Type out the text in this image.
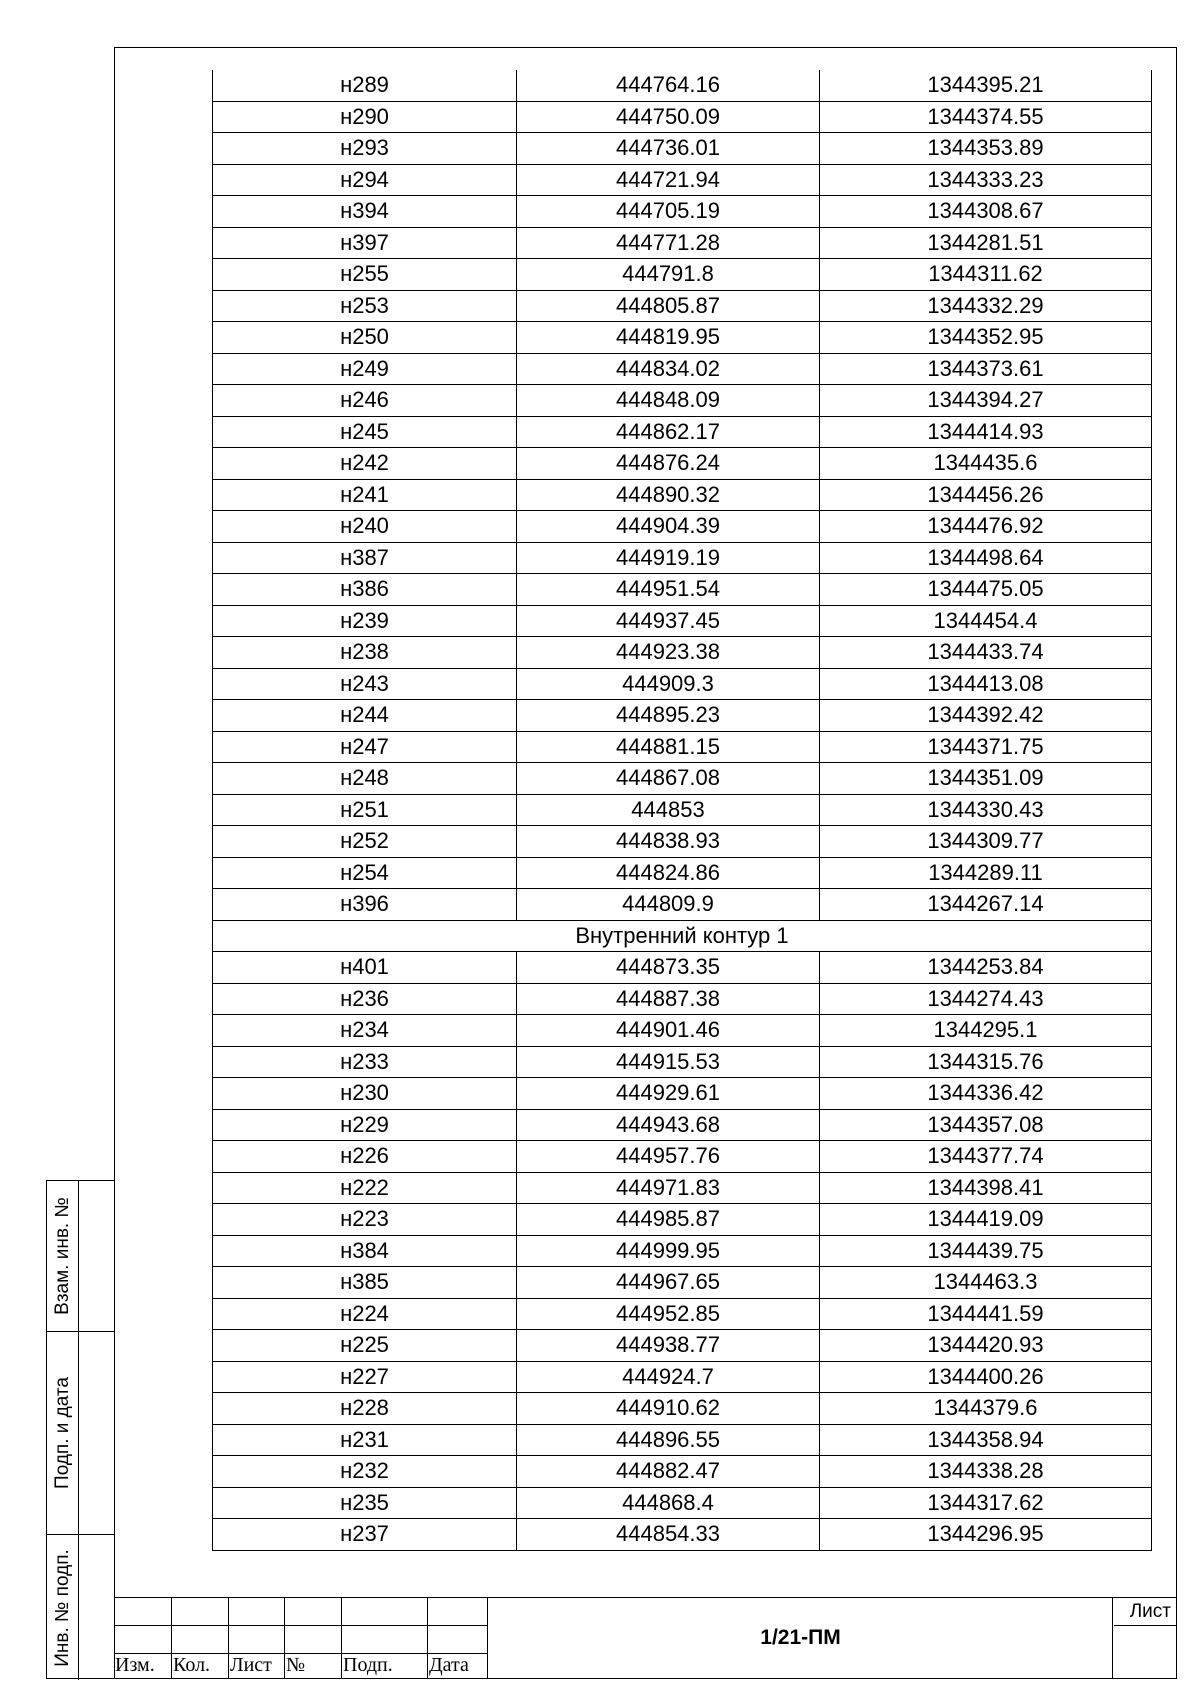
Взам. инв. №
Подп. и дата
Инв. № подп.
н289	444764.16	1344395.21
н290	444750.09	1344374.55
н293	444736.01	1344353.89
н294	444721.94	1344333.23
н394	444705.19	1344308.67
н397	444771.28	1344281.51
н255	444791.8	1344311.62
н253	444805.87	1344332.29
н250	444819.95	1344352.95
н249	444834.02	1344373.61
н246	444848.09	1344394.27
н245	444862.17	1344414.93
н242	444876.24	1344435.6
н241	444890.32	1344456.26
н240	444904.39	1344476.92
н387	444919.19	1344498.64
н386	444951.54	1344475.05
н239	444937.45	1344454.4
н238	444923.38	1344433.74
н243	444909.3	1344413.08
н244	444895.23	1344392.42
н247	444881.15	1344371.75
н248	444867.08	1344351.09
н251	444853	1344330.43
н252	444838.93	1344309.77
н254	444824.86	1344289.11
н396	444809.9	1344267.14
Внутренний контур 1		
н401	444873.35	1344253.84
н236	444887.38	1344274.43
н234	444901.46	1344295.1
н233	444915.53	1344315.76
н230	444929.61	1344336.42
н229	444943.68	1344357.08
н226	444957.76	1344377.74
н222	444971.83	1344398.41
н223	444985.87	1344419.09
н384	444999.95	1344439.75
н385	444967.65	1344463.3
н224	444952.85	1344441.59
н225	444938.77	1344420.93
н227	444924.7	1344400.26
н228	444910.62	1344379.6
н231	444896.55	1344358.94
н232	444882.47	1344338.28
н235	444868.4	1344317.62
н237	444854.33	1344296.95
Изм. Кол. Лист № Подп. Дата
1/21-ПМ
Лист
